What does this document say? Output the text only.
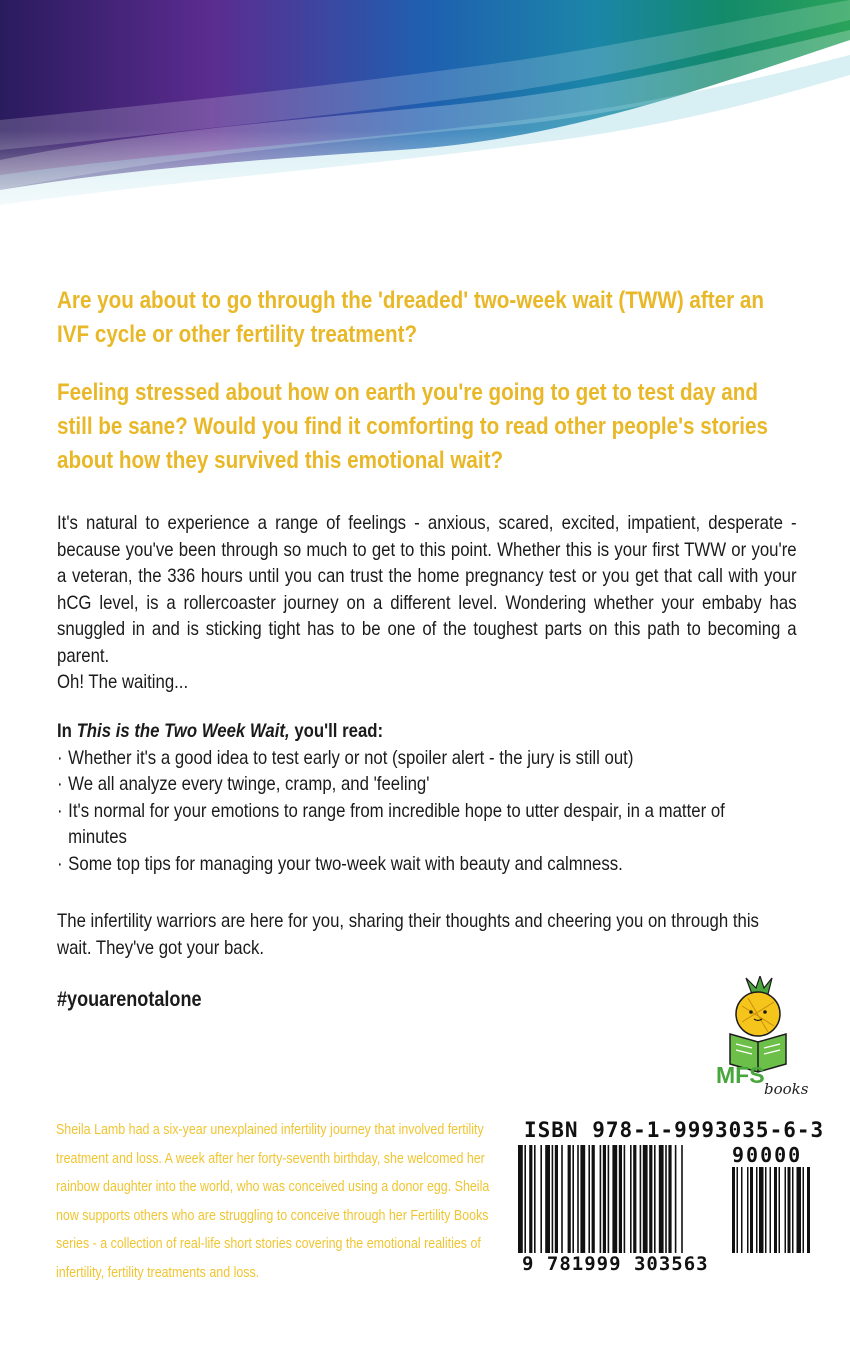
Are you about to go through the 'dreaded' two-week wait (TWW) after an IVF cycle or other fertility treatment?
Feeling stressed about how on earth you're going to get to test day and still be sane? Would you find it comforting to read other people's stories about how they survived this emotional wait?
It's natural to experience a range of feelings - anxious, scared, excited, impatient, desperate - because you've been through so much to get to this point. Whether this is your first TWW or you're a veteran, the 336 hours until you can trust the home pregnancy test or you get that call with your hCG level, is a rollercoaster journey on a different level. Wondering whether your embaby has snuggled in and is sticking tight has to be one of the toughest parts on this path to becoming a parent.
Oh! The waiting...
In This is the Two Week Wait, you'll read:
· Whether it's a good idea to test early or not (spoiler alert - the jury is still out)
· We all analyze every twinge, cramp, and 'feeling'
· It's normal for your emotions to range from incredible hope to utter despair, in a matter of minutes
· Some top tips for managing your two-week wait with beauty and calmness.
The infertility warriors are here for you, sharing their thoughts and cheering you on through this wait. They've got your back.
#youarenotalone
MFS
books
Sheila Lamb had a six-year unexplained infertility journey that involved fertility treatment and loss. A week after her forty-seventh birthday, she welcomed her rainbow daughter into the world, who was conceived using a donor egg. Sheila now supports others who are struggling to conceive through her Fertility Books series - a collection of real-life short stories covering the emotional realities of infertility, fertility treatments and loss.
ISBN 978-1-9993035-6-3
90000
9 781999 303563
